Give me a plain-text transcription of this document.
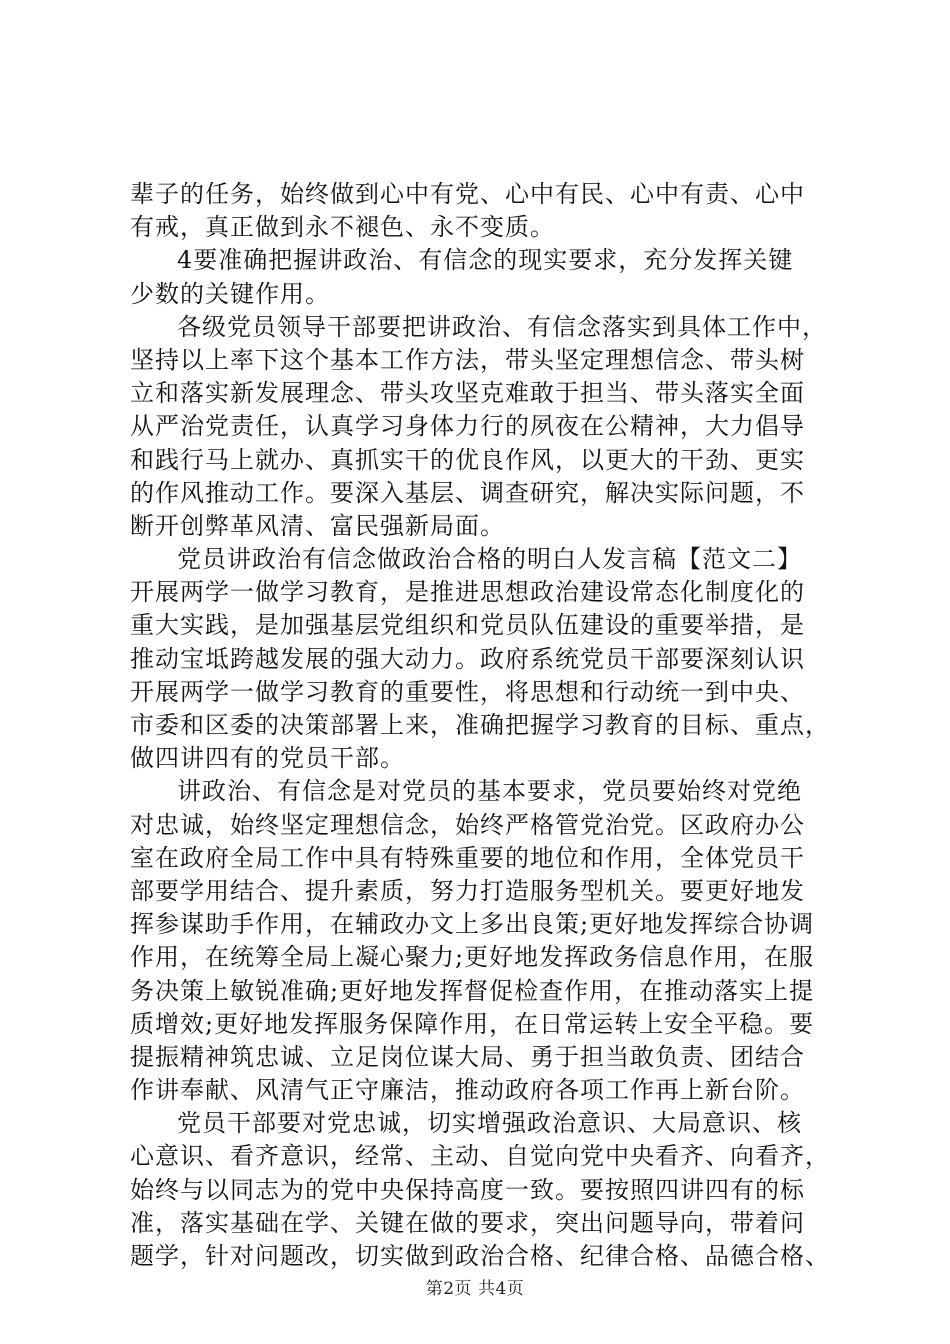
辈子的任务，始终做到心中有党、心中有民、心中有责、心中
有戒，真正做到永不褪色、永不变质。
4要准确把握讲政治、有信念的现实要求，充分发挥关键
少数的关键作用。
各级党员领导干部要把讲政治、有信念落实到具体工作中，
坚持以上率下这个基本工作方法，带头坚定理想信念、带头树
立和落实新发展理念、带头攻坚克难敢于担当、带头落实全面
从严治党责任，认真学习身体力行的夙夜在公精神，大力倡导
和践行马上就办、真抓实干的优良作风，以更大的干劲、更实
的作风推动工作。要深入基层、调查研究，解决实际问题，不
断开创弊革风清、富民强新局面。
党员讲政治有信念做政治合格的明白人发言稿【范文二】
开展两学一做学习教育，是推进思想政治建设常态化制度化的
重大实践，是加强基层党组织和党员队伍建设的重要举措，是
推动宝坻跨越发展的强大动力。政府系统党员干部要深刻认识
开展两学一做学习教育的重要性，将思想和行动统一到中央、
市委和区委的决策部署上来，准确把握学习教育的目标、重点，
做四讲四有的党员干部。
讲政治、有信念是对党员的基本要求，党员要始终对党绝
对忠诚，始终坚定理想信念，始终严格管党治党。区政府办公
室在政府全局工作中具有特殊重要的地位和作用，全体党员干
部要学用结合、提升素质，努力打造服务型机关。要更好地发
挥参谋助手作用，在辅政办文上多出良策;更好地发挥综合协调
作用，在统筹全局上凝心聚力;更好地发挥政务信息作用，在服
务决策上敏锐准确;更好地发挥督促检查作用，在推动落实上提
质增效;更好地发挥服务保障作用，在日常运转上安全平稳。要
提振精神筑忠诚、立足岗位谋大局、勇于担当敢负责、团结合
作讲奉献、风清气正守廉洁，推动政府各项工作再上新台阶。
党员干部要对党忠诚，切实增强政治意识、大局意识、核
心意识、看齐意识，经常、主动、自觉向党中央看齐、向看齐，
始终与以同志为的党中央保持高度一致。要按照四讲四有的标
准，落实基础在学、关键在做的要求，突出问题导向，带着问
题学，针对问题改，切实做到政治合格、纪律合格、品德合格、
第2页 共4页
